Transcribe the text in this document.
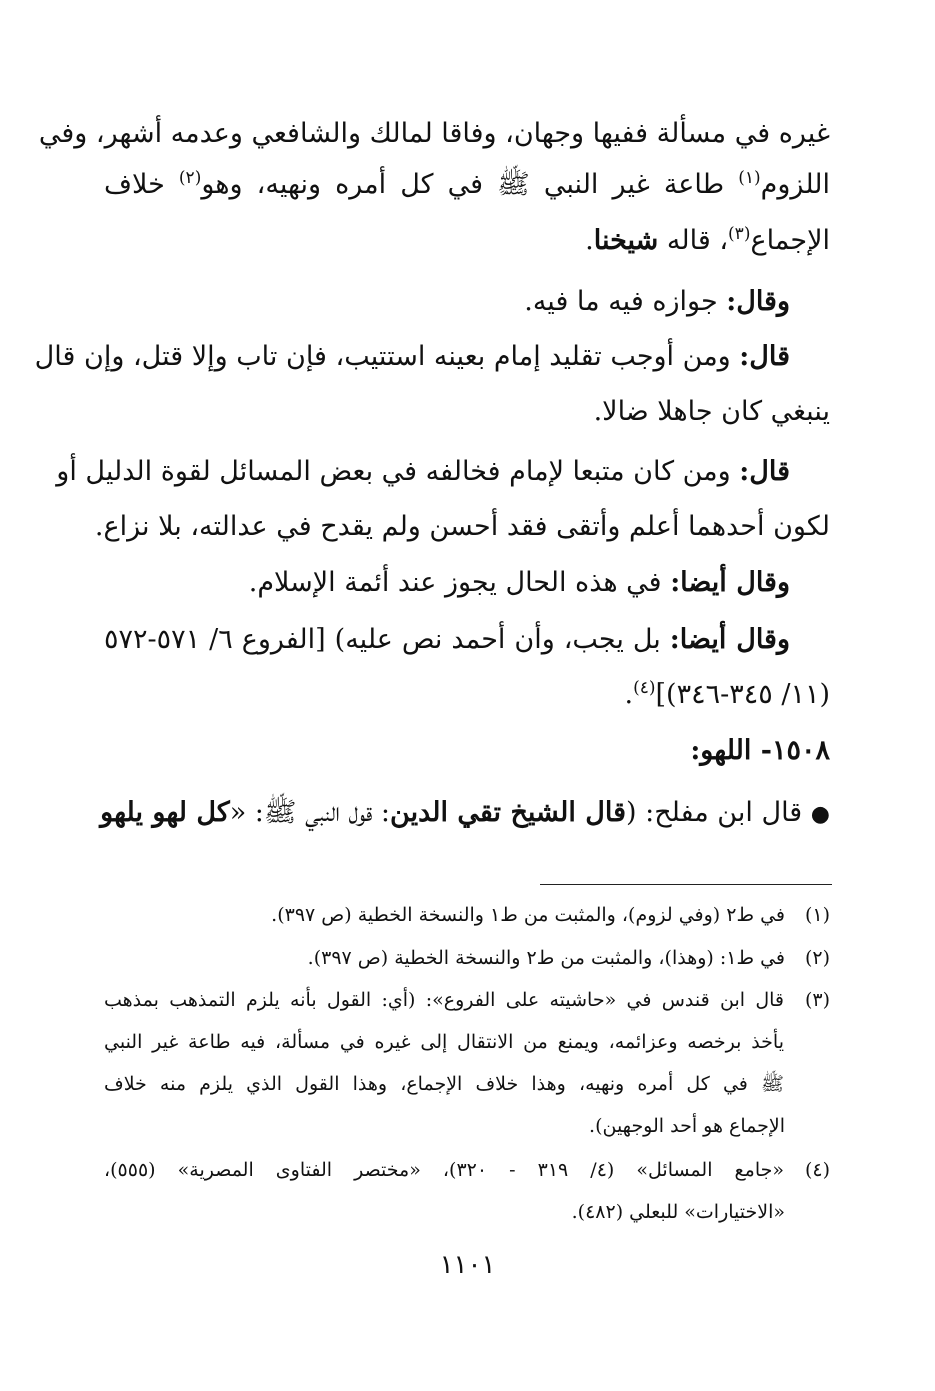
غيره في مسألة ففيها وجهان، وفاقا لمالك والشافعي وعدمه أشهر، وفي
اللزوم$^{(١)}$ طاعة غير النبي ﷺ في كل أمره ونهيه، وهو$^{(٢)}$ خلاف
الإجماع$^{(٣)}$، قاله شيخنا.
وقال: جوازه فيه ما فيه.
قال: ومن أوجب تقليد إمام بعينه استتيب، فإن تاب وإلا قتل، وإن قال
ينبغي كان جاهلا ضالا.
قال: ومن كان متبعا لإمام فخالفه في بعض المسائل لقوة الدليل أو
لكون أحدهما أعلم وأتقى فقد أحسن ولم يقدح في عدالته، بلا نزاع.
وقال أيضا: في هذه الحال يجوز عند أئمة الإسلام.
وقال أيضا: بل يجب، وأن أحمد نص عليه) [الفروع ٦/ ٥٧١-٥٧٢
(١١/ ٣٤٥-٣٤٦)]$^{(٤)}$.
١٥٠٨- اللهو:
● قال ابن مفلح: (قال الشيخ تقي الدين: قول النبي ﷺ: «كل لهو يلهو
(١)
في ط٢ (وفي لزوم)، والمثبت من ط١ والنسخة الخطية (ص ٣٩٧).
(٢)
في ط١: (وهذا)، والمثبت من ط٢ والنسخة الخطية (ص ٣٩٧).
(٣)
قال ابن قندس في «حاشيته على الفروع»: (أي: القول بأنه يلزم التمذهب بمذهب
يأخذ برخصه وعزائمه، ويمنع من الانتقال إلى غيره في مسألة، فيه طاعة غير النبي
ﷺ في كل أمره ونهيه، وهذا خلاف الإجماع، وهذا القول الذي يلزم منه خلاف
الإجماع هو أحد الوجهين).
(٤)
«جامع المسائل» (٤/ ٣١٩ - ٣٢٠)، «مختصر الفتاوى المصرية» (٥٥٥)،
«الاختيارات» للبعلي (٤٨٢).
١١٠١
